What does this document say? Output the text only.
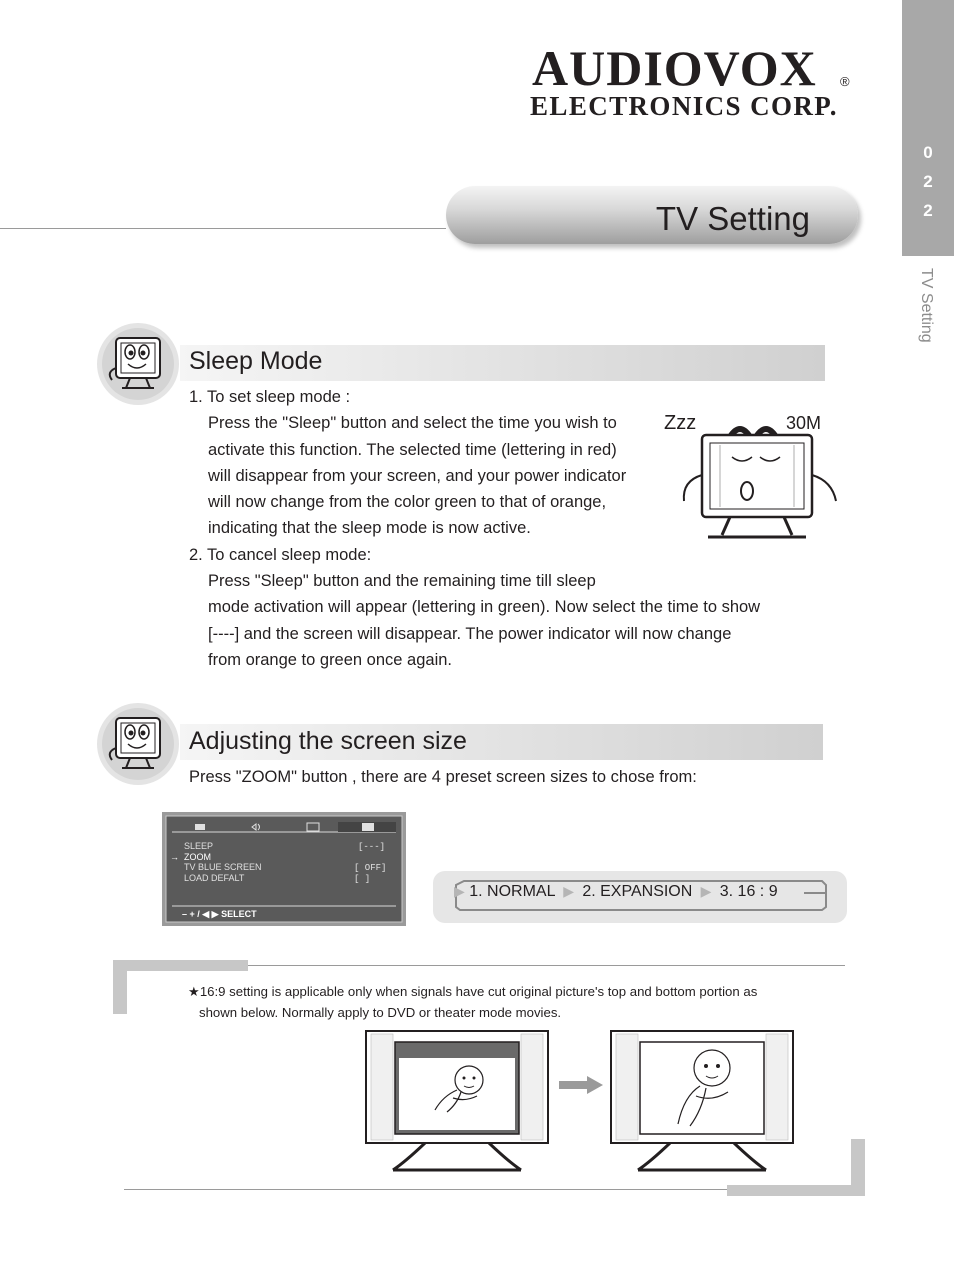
AUDIOVOX ®
ELECTRONICS CORP.
0
2
2
TV Setting
TV Setting
Sleep Mode
1. To set sleep mode :
Press the "Sleep" button and select the time you wish to
activate this function. The selected time (lettering in red)
will disappear from your screen, and your power indicator
will now change from the color green to that of orange,
indicating that the sleep mode is now active.
2. To cancel sleep mode:
Press "Sleep" button and the remaining time till sleep
mode activation will appear (lettering in green). Now select the time to show
[----] and the screen will disappear. The power indicator will now change
from orange to green once again.
Zzz	30M
Adjusting the screen size
Press "ZOOM" button , there are 4 preset screen sizes to chose from:
SLEEP
ZOOM
TV BLUE SCREEN
LOAD DEFALT
→
[---]
[ OFF]
[ ]
– + / ◀ ▶ SELECT
▶ 1. NORMAL  ▶  2. EXPANSION  ▶  3. 16 : 9
★16:9 setting is applicable only when signals have cut original picture's top and bottom portion as
shown below. Normally apply to DVD or theater mode movies.
